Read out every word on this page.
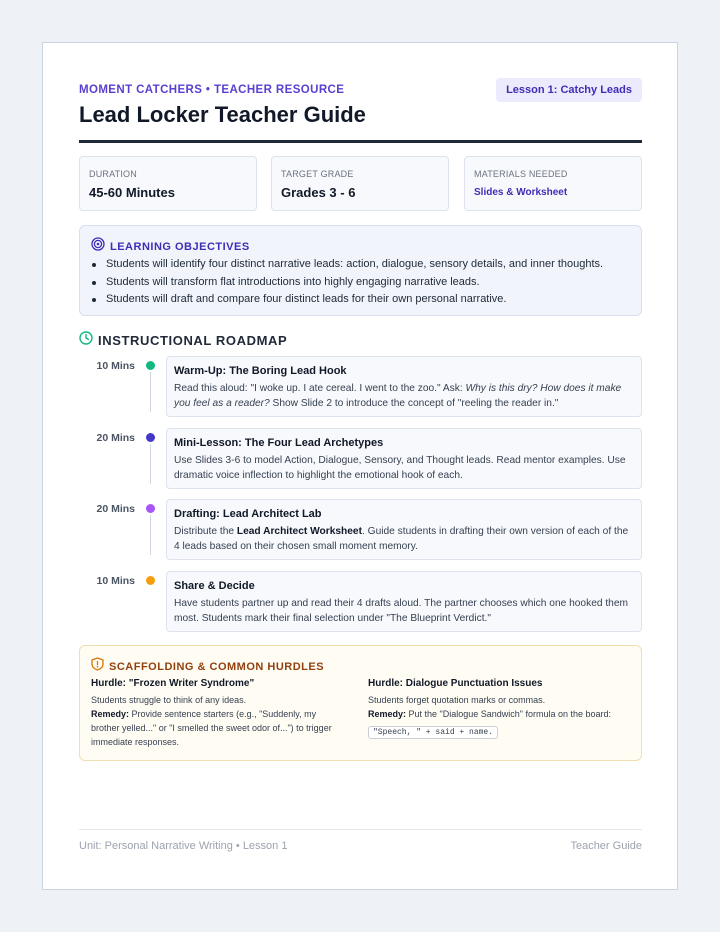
MOMENT CATCHERS • TEACHER RESOURCE	Lesson 1: Catchy Leads
Lead Locker Teacher Guide
DURATION
45-60 Minutes
TARGET GRADE
Grades 3 - 6
MATERIALS NEEDED
Slides & Worksheet
LEARNING OBJECTIVES
Students will identify four distinct narrative leads: action, dialogue, sensory details, and inner thoughts.
Students will transform flat introductions into highly engaging narrative leads.
Students will draft and compare four distinct leads for their own personal narrative.
INSTRUCTIONAL ROADMAP
10 Mins	Warm-Up: The Boring Lead Hook
Read this aloud: "I woke up. I ate cereal. I went to the zoo." Ask: Why is this dry? How does it make you feel as a reader? Show Slide 2 to introduce the concept of "reeling the reader in."
20 Mins	Mini-Lesson: The Four Lead Archetypes
Use Slides 3-6 to model Action, Dialogue, Sensory, and Thought leads. Read mentor examples. Use dramatic voice inflection to highlight the emotional hook of each.
20 Mins	Drafting: Lead Architect Lab
Distribute the Lead Architect Worksheet. Guide students in drafting their own version of each of the 4 leads based on their chosen small moment memory.
10 Mins	Share & Decide
Have students partner up and read their 4 drafts aloud. The partner chooses which one hooked them most. Students mark their final selection under "The Blueprint Verdict."
SCAFFOLDING & COMMON HURDLES
Hurdle: "Frozen Writer Syndrome"
Students struggle to think of any ideas.
Remedy: Provide sentence starters (e.g., "Suddenly, my brother yelled..." or "I smelled the sweet odor of...") to trigger immediate responses.
Hurdle: Dialogue Punctuation Issues
Students forget quotation marks or commas.
Remedy: Put the "Dialogue Sandwich" formula on the board:
"Speech, " + said + name.
Unit: Personal Narrative Writing • Lesson 1	Teacher Guide
